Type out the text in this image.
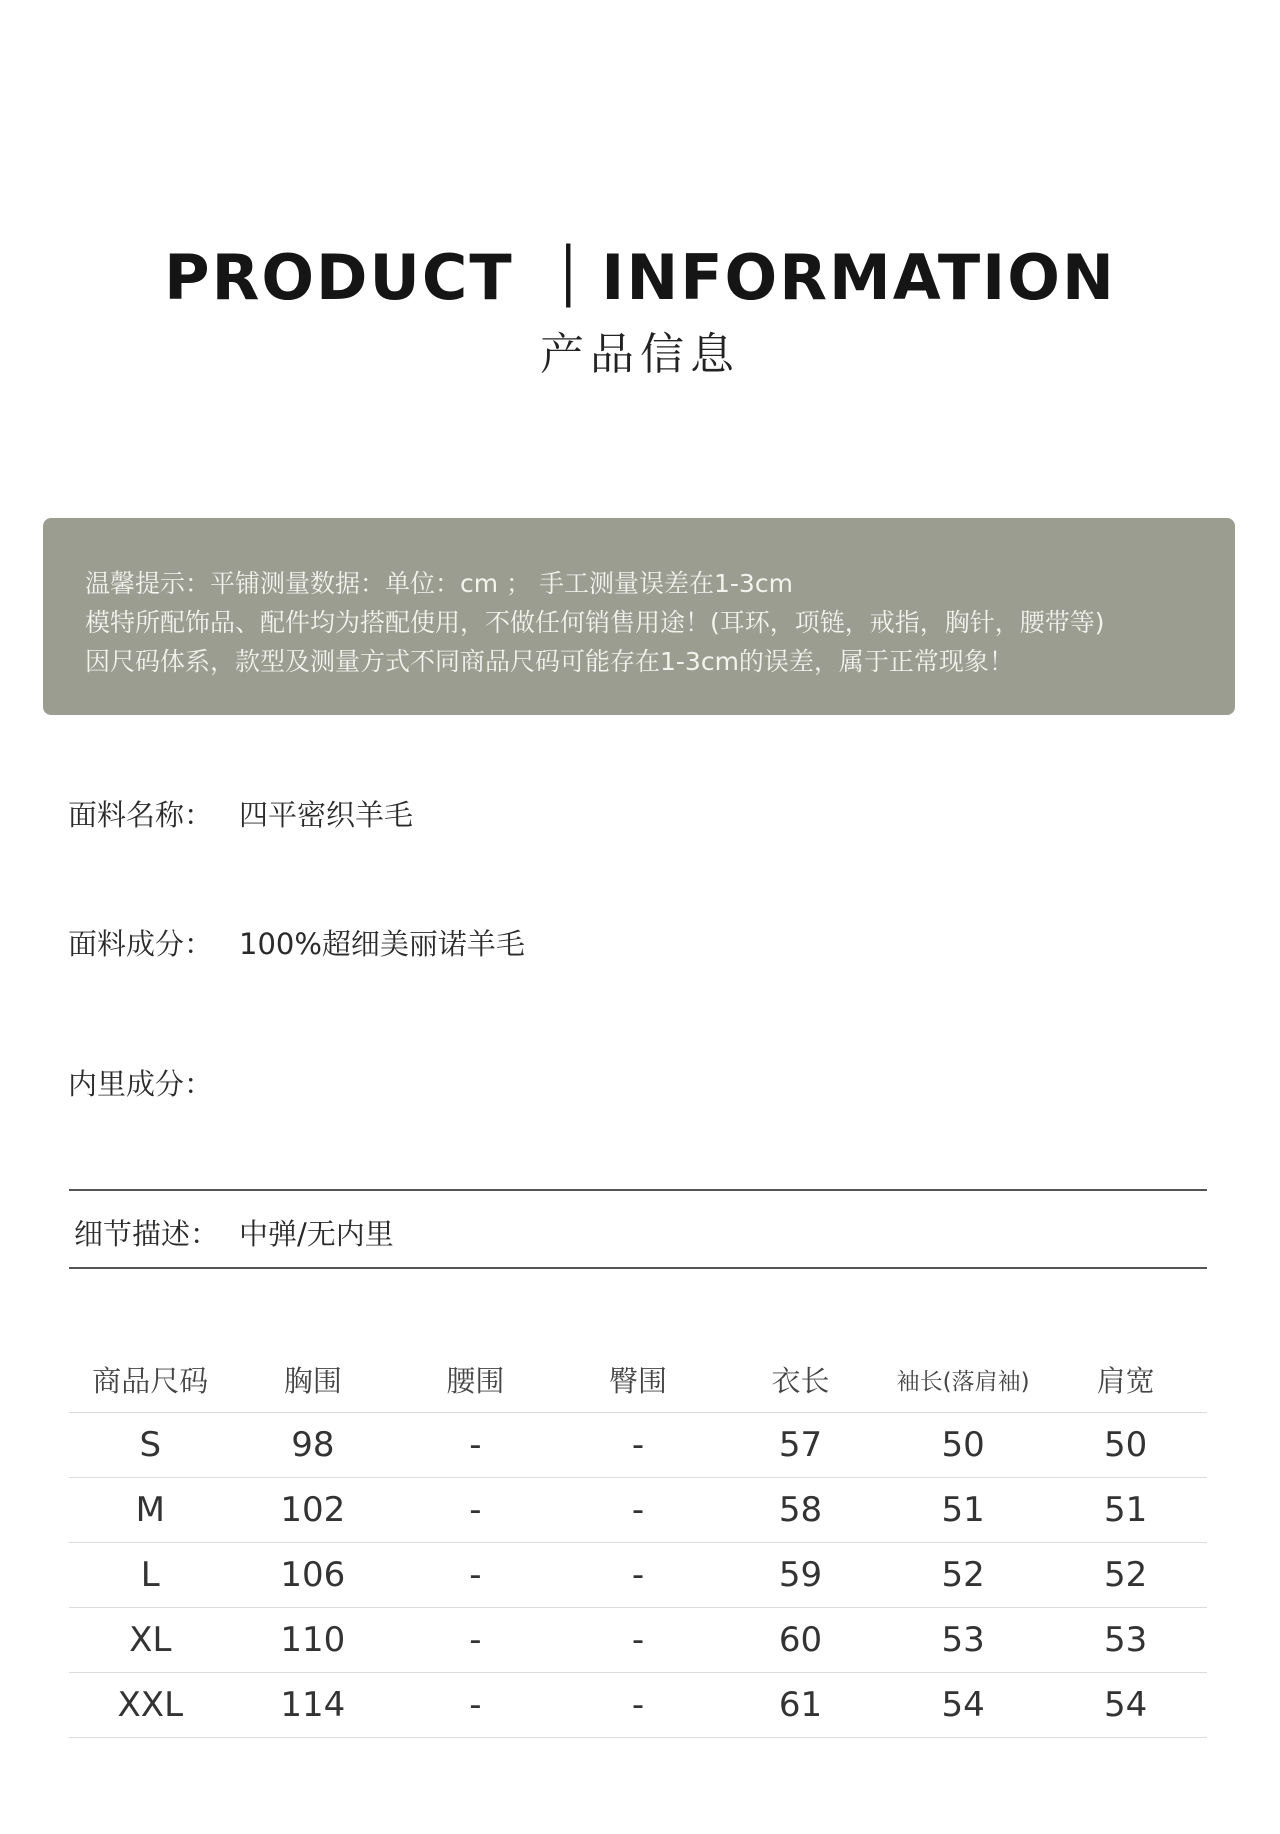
PRODUCT ｜INFORMATION
产品信息
温馨提示：平铺测量数据：单位：cm ； 手工测量误差在1-3cm
模特所配饰品、配件均为搭配使用，不做任何销售用途！(耳环，项链，戒指，胸针，腰带等)
因尺码体系，款型及测量方式不同商品尺码可能存在1-3cm的误差，属于正常现象！
面料名称： 四平密织羊毛
面料成分： 100%超细美丽诺羊毛
内里成分：
细节描述： 中弹/无内里
商品尺码	胸围	腰围	臀围	衣长	袖长(落肩袖)	肩宽
S	98	-	-	57	50	50
M	102	-	-	58	51	51
L	106	-	-	59	52	52
XL	110	-	-	60	53	53
XXL	114	-	-	61	54	54
